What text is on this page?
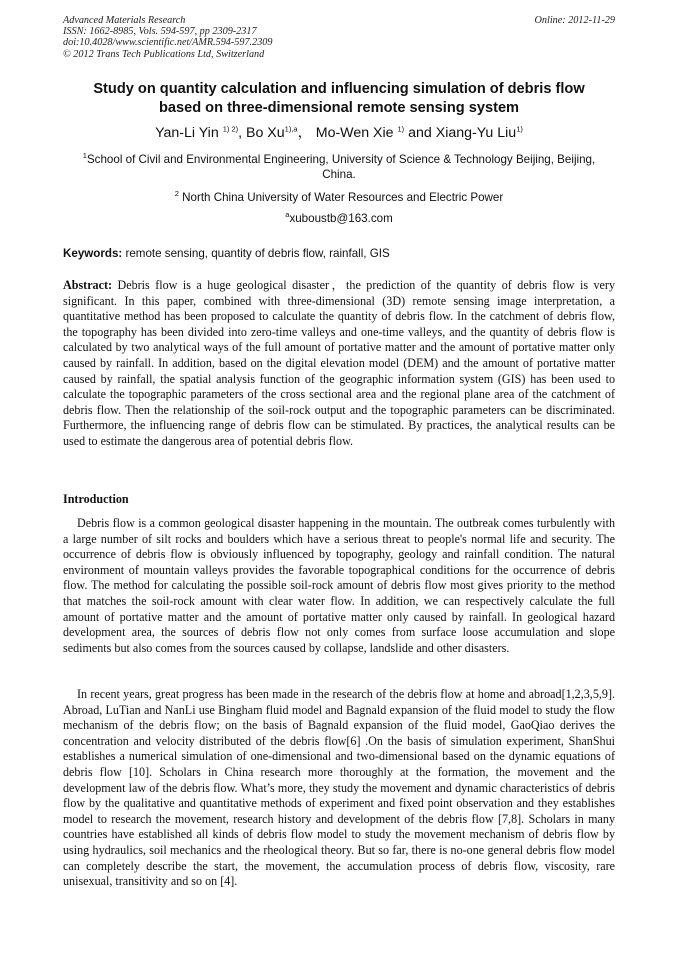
Advanced Materials Research
ISSN: 1662-8985, Vols. 594-597, pp 2309-2317
doi:10.4028/www.scientific.net/AMR.594-597.2309
© 2012 Trans Tech Publications Ltd, Switzerland
Online: 2012-11-29
Study on quantity calculation and influencing simulation of debris flow
based on three-dimensional remote sensing system
Yan-Li Yin $^{1) 2)}$, Bo $Xu^{1),a}$， Mo-Wen Xie $^{1)}$ and Xiang-Yu Liu$^{1)}$
$^1$School of Civil and Environmental Engineering, University of Science & Technology Beijing, Beijing,
China.
$^2$ North China University of Water Resources and Electric Power
$^a$xuboustb@163.com
Keywords: remote sensing, quantity of debris flow, rainfall, GIS
Abstract: Debris flow is a huge geological disaster，the prediction of the quantity of debris flow is very significant. In this paper, combined with three-dimensional (3D) remote sensing image interpretation, a quantitative method has been proposed to calculate the quantity of debris flow. In the catchment of debris flow, the topography has been divided into zero-time valleys and one-time valleys, and the quantity of debris flow is calculated by two analytical ways of the full amount of portative matter and the amount of portative matter only caused by rainfall. In addition, based on the digital elevation model (DEM) and the amount of portative matter caused by rainfall, the spatial analysis function of the geographic information system (GIS) has been used to calculate the topographic parameters of the cross sectional area and the regional plane area of the catchment of debris flow. Then the relationship of the soil-rock output and the topographic parameters can be discriminated. Furthermore, the influencing range of debris flow can be stimulated. By practices, the analytical results can be used to estimate the dangerous area of potential debris flow.
Introduction

Debris flow is a common geological disaster happening in the mountain. The outbreak comes turbulently with a large number of silt rocks and boulders which have a serious threat to people's normal life and security. The occurrence of debris flow is obviously influenced by topography, geology and rainfall condition. The natural environment of mountain valleys provides the favorable topographical conditions for the occurrence of debris flow. The method for calculating the possible soil-rock amount of debris flow most gives priority to the method that matches the soil-rock amount with clear water flow. In addition, we can respectively calculate the full amount of portative matter and the amount of portative matter only caused by rainfall. In geological hazard development area, the sources of debris flow not only comes from surface loose accumulation and slope sediments but also comes from the sources caused by collapse, landslide and other disasters.

In recent years, great progress has been made in the research of the debris flow at home and abroad[1,2,3,5,9]. Abroad, LuTian and NanLi use Bingham fluid model and Bagnald expansion of the fluid model to study the flow mechanism of the debris flow; on the basis of Bagnald expansion of the fluid model, GaoQiao derives the concentration and velocity distributed of the debris flow[6] .On the basis of simulation experiment, ShanShui establishes a numerical simulation of one-dimensional and two-dimensional based on the dynamic equations of debris flow [10]. Scholars in China research more thoroughly at the formation, the movement and the development law of the debris flow. What’s more, they study the movement and dynamic characteristics of debris flow by the qualitative and quantitative methods of experiment and fixed point observation and they establishes model to research the movement, research history and development of the debris flow [7,8]. Scholars in many countries have established all kinds of debris flow model to study the movement mechanism of debris flow by using hydraulics, soil mechanics and the rheological theory. But so far, there is no-one general debris flow model can completely describe the start, the movement, the accumulation process of debris flow, viscosity, rare unisexual, transitivity and so on [4].
